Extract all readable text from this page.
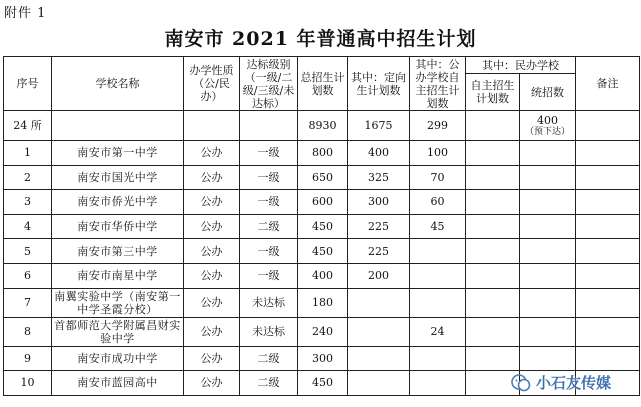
附件 1
南安市 2021 年普通高中招生计划
序号	学校名称	办学性质（公/民办）	达标级别（一级/二级/三级/未达标）	总招生计划数	其中：定向生计划数	其中：公办学校自主招生计划数	其中：民办学校		备注
							自主招生计划数	统招数	
24 所				8930	1675	299		400
（预下达）	

1	南安市第一中学	公办	一级	800	400	100			
2	南安市国光中学	公办	一级	650	325	70			
3	南安市侨光中学	公办	一级	600	300	60			
4	南安市华侨中学	公办	二级	450	225	45			
5	南安市第三中学	公办	一级	450	225				
6	南安市南星中学	公办	一级	400	200				
7	南翼实验中学（南安第一中学圣霞分校）	公办	未达标	180					
8	首都师范大学附属昌财实验中学	公办	未达标	240		24			
9	南安市成功中学	公办	二级	300					
10	南安市蓝园高中	公办	二级	450						小石友传媒
